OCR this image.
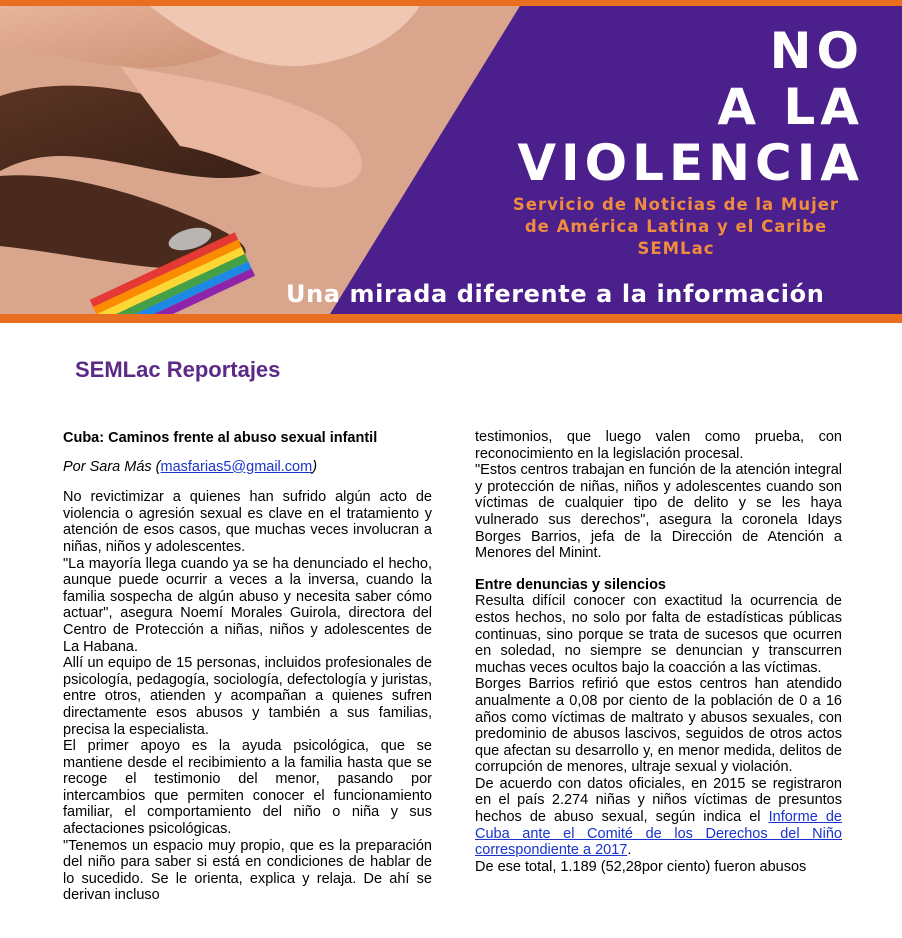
NO
A LA
VIOLENCIA
Servicio de Noticias de la Mujer
de América Latina y el Caribe
SEMLac
Una mirada diferente a la información
SEMLac Reportajes

Cuba: Caminos frente al abuso sexual infantil

Por Sara Más (masfarias5@gmail.com)

No revictimizar a quienes han sufrido algún acto de violencia o agresión sexual es clave en el tratamiento y atención de esos casos, que muchas veces involucran a niñas, niños y adolescentes.

"La mayoría llega cuando ya se ha denunciado el hecho, aunque puede ocurrir a veces a la inversa, cuando la familia sospecha de algún abuso y necesita saber cómo actuar", asegura Noemí Morales Guirola, directora del Centro de Protección a niñas, niños y adolescentes de La Habana.

Allí un equipo de 15 personas, incluidos profesionales de psicología, pedagogía, sociología, defectología y juristas, entre otros, atienden y acompañan a quienes sufren directamente esos abusos y también a sus familias, precisa la especialista.

El primer apoyo es la ayuda psicológica, que se mantiene desde el recibimiento a la familia hasta que se recoge el testimonio del menor, pasando por intercambios que permiten conocer el funcionamiento familiar, el comportamiento del niño o niña y sus afectaciones psicológicas.

"Tenemos un espacio muy propio, que es la preparación del niño para saber si está en condiciones de hablar de lo sucedido. Se le orienta, explica y relaja. De ahí se derivan incluso

testimonios, que luego valen como prueba, con reconocimiento en la legislación procesal.

"Estos centros trabajan en función de la atención integral y protección de niñas, niños y adolescentes cuando son víctimas de cualquier tipo de delito y se les haya vulnerado sus derechos", asegura la coronela Idays Borges Barrios, jefa de la Dirección de Atención a Menores del Minint.

Entre denuncias y silencios

Resulta difícil conocer con exactitud la ocurrencia de estos hechos, no solo por falta de estadísticas públicas continuas, sino porque se trata de sucesos que ocurren en soledad, no siempre se denuncian y transcurren muchas veces ocultos bajo la coacción a las víctimas.

Borges Barrios refirió que estos centros han atendido anualmente a 0,08 por ciento de la población de 0 a 16 años como víctimas de maltrato y abusos sexuales, con predominio de abusos lascivos, seguidos de otros actos que afectan su desarrollo y, en menor medida, delitos de corrupción de menores, ultraje sexual y violación.

De acuerdo con datos oficiales, en 2015 se registraron en el país 2.274 niñas y niños víctimas de presuntos hechos de abuso sexual, según indica el Informe de Cuba ante el Comité de los Derechos del Niño correspondiente a 2017.

De ese total, 1.189 (52,28por ciento) fueron abusos
